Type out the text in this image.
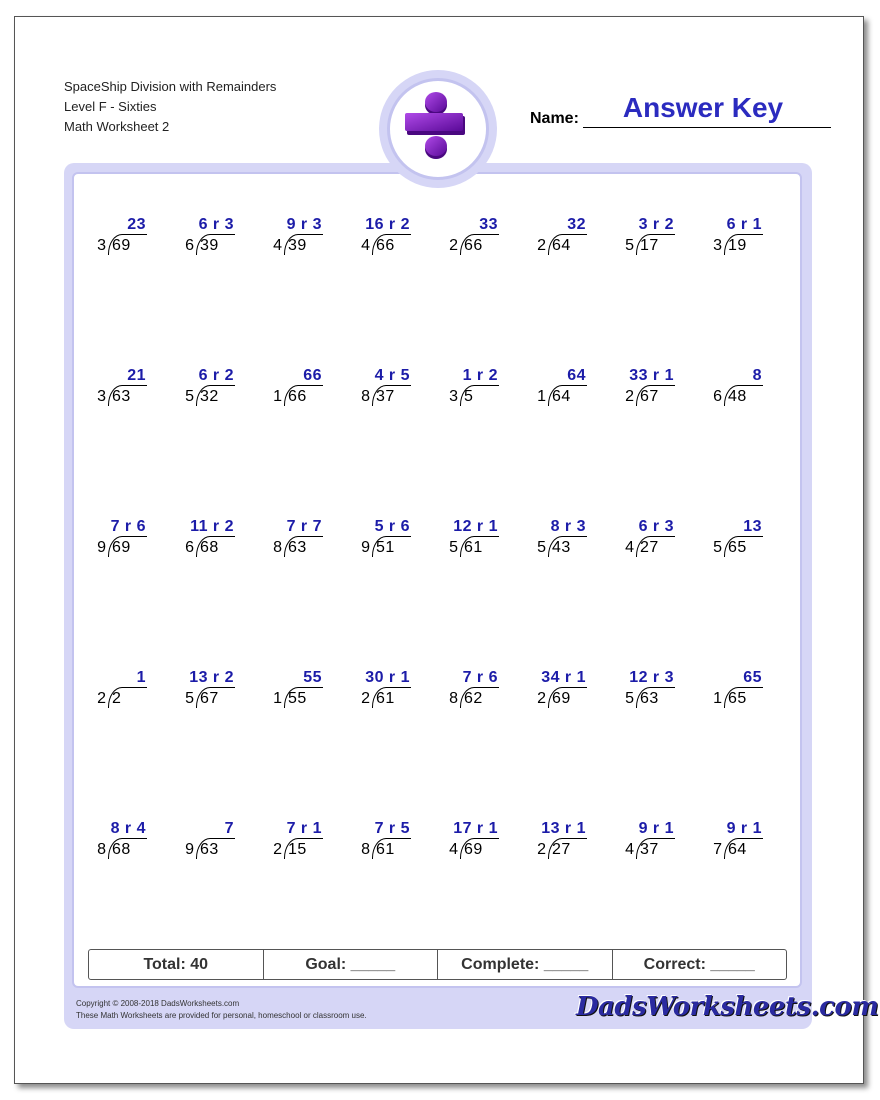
SpaceShip Division with Remainders
Level F - Sixties
Math Worksheet 2	Name:	Answer Key
23
3 69
6 r 3
6 39
9 r 3
4 39
16 r 2
4 66
33
2 66
32
2 64
3 r 2
5 17
6 r 1
3 19
21
3 63
6 r 2
5 32
66
1 66
4 r 5
8 37
1 r 2
3 5
64
1 64
33 r 1
2 67
8
6 48
7 r 6
9 69
11 r 2
6 68
7 r 7
8 63
5 r 6
9 51
12 r 1
5 61
8 r 3
5 43
6 r 3
4 27
13
5 65
1
2 2
13 r 2
5 67
55
1 55
30 r 1
2 61
7 r 6
8 62
34 r 1
2 69
12 r 3
5 63
65
1 65
8 r 4
8 68
7
9 63
7 r 1
2 15
7 r 5
8 61
17 r 1
4 69
13 r 1
2 27
9 r 1
4 37
9 r 1
7 64
Total: 40	Goal: _____	Complete: _____	Correct: _____
Copyright © 2008-2018 DadsWorksheets.com
These Math Worksheets are provided for personal, homeschool or classroom use.	DadsWorksheets.com
